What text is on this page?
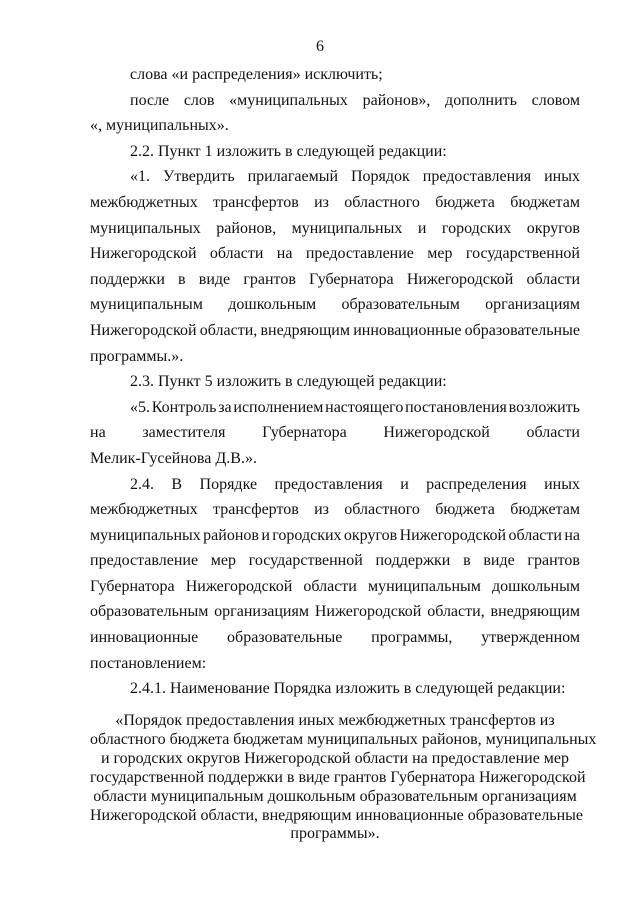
6
слова «и распределения» исключить;
после слов «муниципальных районов», дополнить словом
«, муниципальных».
2.2. Пункт 1 изложить в следующей редакции:
«1. Утвердить прилагаемый Порядок предоставления иных
межбюджетных трансфертов из областного бюджета бюджетам
муниципальных районов, муниципальных и городских округов
Нижегородской области на предоставление мер государственной
поддержки в виде грантов Губернатора Нижегородской области
муниципальным дошкольным образовательным организациям
Нижегородской области, внедряющим инновационные образовательные
программы.».
2.3. Пункт 5 изложить в следующей редакции:
«5. Контроль за исполнением настоящего постановления возложить
на заместителя Губернатора Нижегородской области
Мелик-Гусейнова Д.В.».
2.4. В Порядке предоставления и распределения иных
межбюджетных трансфертов из областного бюджета бюджетам
муниципальных районов и городских округов Нижегородской области на
предоставление мер государственной поддержки в виде грантов
Губернатора Нижегородской области муниципальным дошкольным
образовательным организациям Нижегородской области, внедряющим
инновационные образовательные программы, утвержденном
постановлением:
2.4.1. Наименование Порядка изложить в следующей редакции:
«Порядок предоставления иных межбюджетных трансфертов из
областного бюджета бюджетам муниципальных районов, муниципальных
и городских округов Нижегородской области на предоставление мер
государственной поддержки в виде грантов Губернатора Нижегородской
области муниципальным дошкольным образовательным организациям
Нижегородской области, внедряющим инновационные образовательные
программы».
